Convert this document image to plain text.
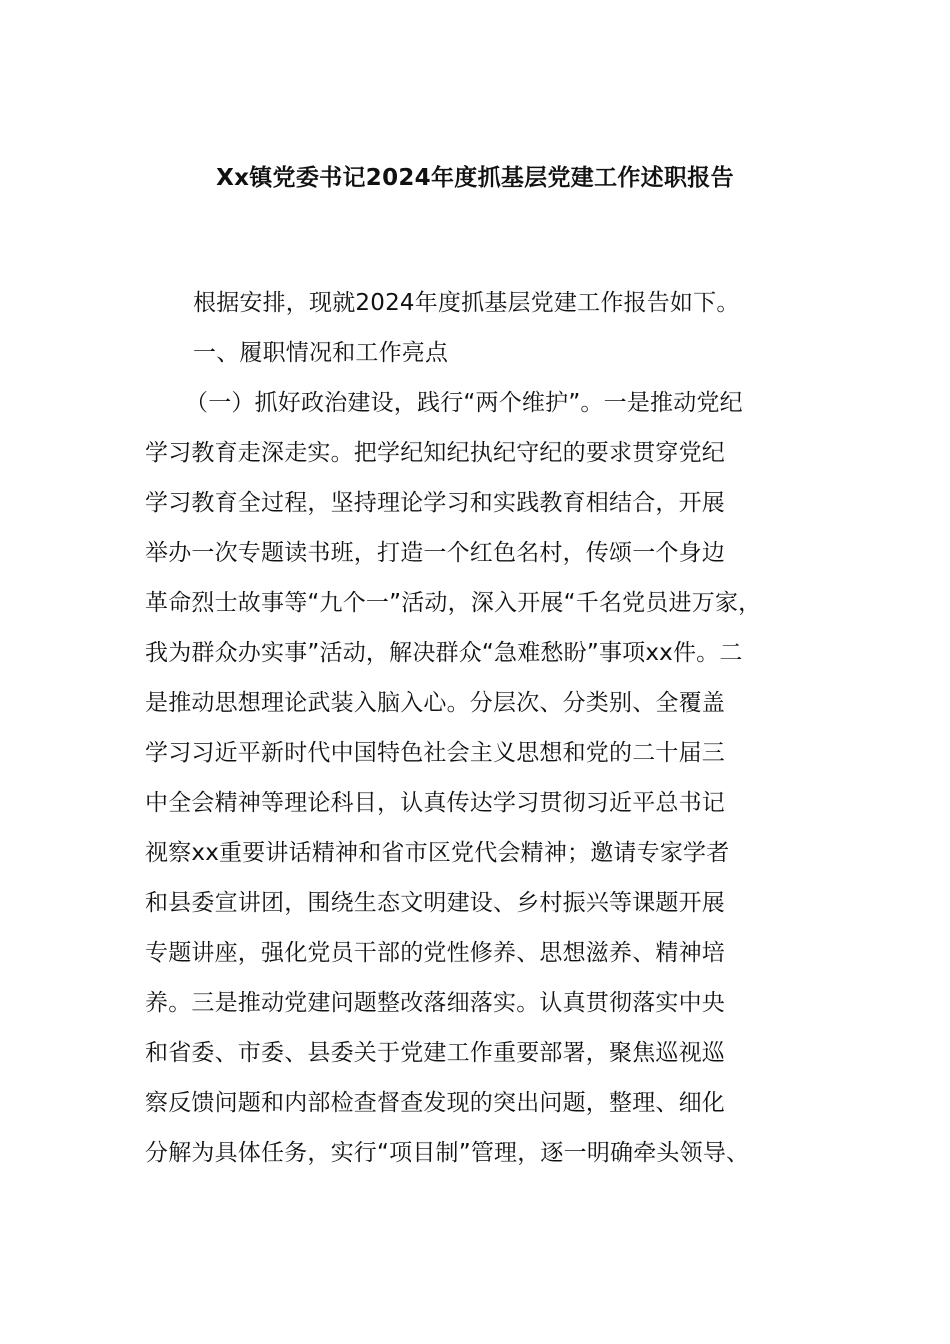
Xx镇党委书记2024年度抓基层党建工作述职报告
根据安排，现就2024年度抓基层党建工作报告如下。
一、履职情况和工作亮点
（一）抓好政治建设，践行“两个维护”。一是推动党纪
学习教育走深走实。把学纪知纪执纪守纪的要求贯穿党纪
学习教育全过程，坚持理论学习和实践教育相结合，开展
举办一次专题读书班，打造一个红色名村，传颂一个身边
革命烈士故事等“九个一”活动，深入开展“千名党员进万家，
我为群众办实事”活动，解决群众“急难愁盼”事项xx件。二
是推动思想理论武装入脑入心。分层次、分类别、全覆盖
学习习近平新时代中国特色社会主义思想和党的二十届三
中全会精神等理论科目，认真传达学习贯彻习近平总书记
视察xx重要讲话精神和省市区党代会精神；邀请专家学者
和县委宣讲团，围绕生态文明建设、乡村振兴等课题开展
专题讲座，强化党员干部的党性修养、思想滋养、精神培
养。三是推动党建问题整改落细落实。认真贯彻落实中央
和省委、市委、县委关于党建工作重要部署，聚焦巡视巡
察反馈问题和内部检查督查发现的突出问题，整理、细化
分解为具体任务，实行“项目制”管理，逐一明确牵头领导、
